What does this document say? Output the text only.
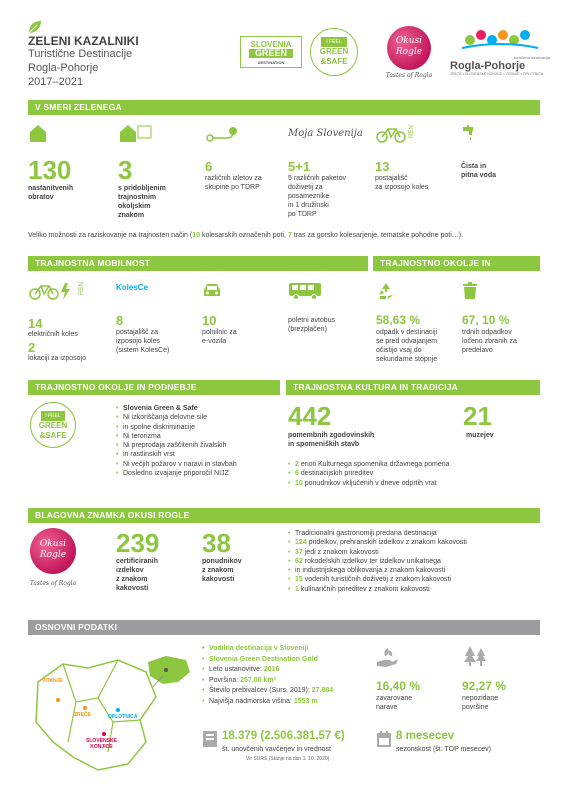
ZELENI KAZALNIKI
Turistične Destinacije
Rogla-Pohorje
2017–2021
SLOVENIA
GREEN
DESTINATION
I FEEL
GREEN
&SAFE
Okusi
Rogle
Tastes of Rogla
turistična destinacija
Rogla-Pohorje
ZREČE • SLOVENSKE KONJICE • VITANJE • OPLOTNICA
V SMERI ZELENEGA
Moja Slovenija	RENT
130
nastanitvenih
obratov
3
s pridobljenim
trajnostnim
okoljskim
znakom
6
različnih izletov za
skupine po TDRP
5+1
5 različnih paketov
doživetij za
posameznike
in 1 družinski
po TDRP
13
postajališč
za izposojo koles
Čista in
pitna voda
Veliko možnosti za raziskovanje na trajnosten način (10 kolesarskih označenih poti, 7 tras za gorsko kolesarjenje, tematske pohodne poti…).
TRAJNOSTNA MOBILNOST	TRAJNOSTNO OKOLJE IN PODNEBJE
RENT	KolesCe
14
električnih koles
2
lokaciji za izposojo
8
postajališč za
izposojo koles
(sistem KolesCe)
10
polnilnic za
e-vozila
poletni avtobus
(brezplačen)
58,63 %
odpadk v destinaciji
se pred odvajanjem
očistijo vsaj do
sekundarne stopnje
67, 10 %
trdnih odpadkov
ločeno zbranih za
predelavo
TRAJNOSTNO OKOLJE IN PODNEBJE	TRAJNOSTNA KULTURA IN TRADICIJA
I FEEL
GREEN
&SAFE
• Slovenia Green & Safe
• Ni izkoriščanja delovne sile
• in spolne diskriminacije
• Ni terorizma
• Ni preprodaja zaščitenih živalskih
• in rastlinskih vrst
• Ni večjih požarov v naravi in stavbah
• Dosledno izvajanje priporočil NIJZ
442
pomembnih zgodovinskih
in spomeniških stavb
21
muzejev
• 2 enoti Kulturnega spomenika državnega pomena
• 6 destinacijskih prireditev
• 10 ponudnikov vključenih v dneve odprtih vrat
BLAGOVNA ZNAMKA OKUSI ROGLE
Okusi
Rogle
Tastes of Rogla
239
certificiranih
izdelkov
z znakom
kakovosti
38
ponudnikov
z znakom
kakovosti
• Tradicionalni gastronomiji predana destinacija
• 124 pridelkov, prehranskih izdelkov z znakom kakovosti
• 37 jedi z znakom kakovosti
• 62 rokodelskih izdelkov ter izdelkov unikatnega
• in industrijskega oblikovanja z znakom kakovosti
• 15 vodenih turističnih doživetij z znakom kakovosti
• 1 kulinaričnih prireditev z znakom kakovosti
OSNOVNI PODATKI
VITANJE
ZREČE	OPLOTNICA
SLOVENSKE
KONJICE
• Vodilna destinacija v Sloveniji
• Slovenia Green Destination Gold
• Leto ustanovitve: 2016
• Površina: 257,00 km²
• Število prebivalcev (Surs, 2019): 27.884
• Najvišja nadmorska višina: 1553 m
16,40 %
zavarovane
narave
92,27 %
nepozidane
površine
18.379 (2.506.381,57 €)
št. unovčenih vavčerjev in vrednost
Vir SURS (Stanje na dan 1. 10. 2020)
8 mesecev
sezonskost (št. TOP mesecev)
